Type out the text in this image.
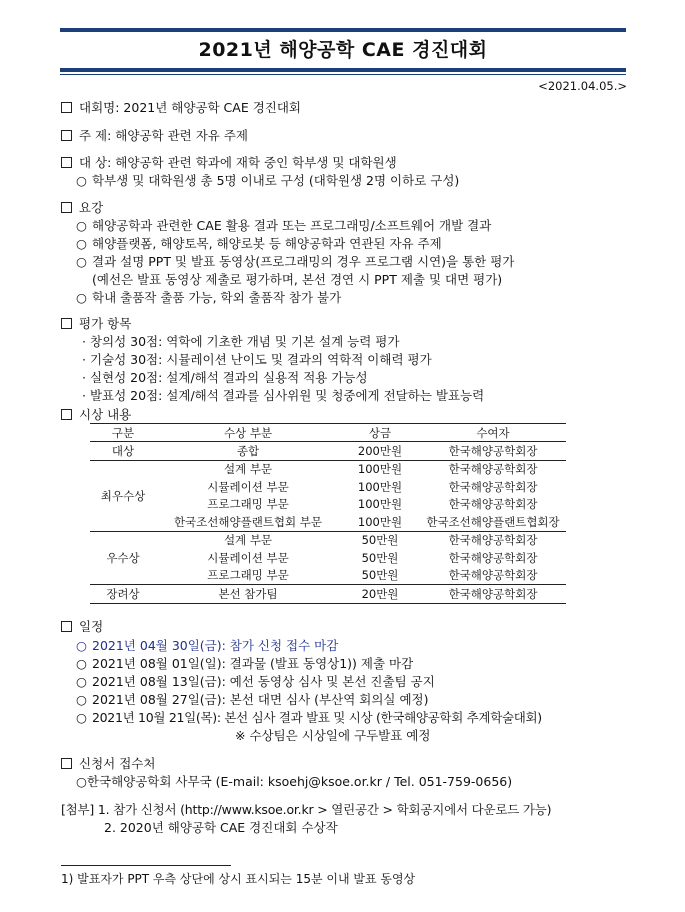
2021년 해양공학 CAE 경진대회
<2021.04.05.>
대회명: 2021년 해양공학 CAE 경진대회
주 제: 해양공학 관련 자유 주제
대 상: 해양공학 관련 학과에 재학 중인 학부생 및 대학원생
○ 학부생 및 대학원생 총 5명 이내로 구성 (대학원생 2명 이하로 구성)
요강
○ 해양공학과 관련한 CAE 활용 결과 또는 프로그래밍/소프트웨어 개발 결과
○ 해양플랫폼, 해양토목, 해양로봇 등 해양공학과 연관된 자유 주제
○ 결과 설명 PPT 및 발표 동영상(프로그래밍의 경우 프로그램 시연)을 통한 평가
(예선은 발표 동영상 제출로 평가하며, 본선 경연 시 PPT 제출 및 대면 평가)
○ 학내 출품작 출품 가능, 학외 출품작 참가 불가
평가 항목
· 창의성 30점: 역학에 기초한 개념 및 기본 설계 능력 평가
· 기술성 30점: 시뮬레이션 난이도 및 결과의 역학적 이해력 평가
· 실현성 20점: 설계/해석 결과의 실용적 적용 가능성
· 발표성 20점: 설계/해석 결과를 심사위원 및 청중에게 전달하는 발표능력
시상 내용
구분	수상 부분	상금	수여자
대상	종합	200만원	한국해양공학회장
최우수상	설계 부문	100만원	한국해양공학회장
	시뮬레이션 부문	100만원	한국해양공학회장
	프로그래밍 부문	100만원	한국해양공학회장
	한국조선해양플랜트협회 부문	100만원	한국조선해양플랜트협회장
우수상	설계 부문	50만원	한국해양공학회장
	시뮬레이션 부문	50만원	한국해양공학회장
	프로그래밍 부문	50만원	한국해양공학회장
장려상	본선 참가팀	20만원	한국해양공학회장
일정
○ 2021년 04월 30일(금): 참가 신청 접수 마감
○ 2021년 08월 01일(일): 결과물 (발표 동영상1)) 제출 마감
○ 2021년 08월 13일(금): 예선 동영상 심사 및 본선 진출팀 공지
○ 2021년 08월 27일(금): 본선 대면 심사 (부산역 회의실 예정)
○ 2021년 10월 21일(목): 본선 심사 결과 발표 및 시상 (한국해양공학회 추계학술대회)
※ 수상팀은 시상일에 구두발표 예정
신청서 접수처
○한국해양공학회 사무국 (E-mail: ksoehj@ksoe.or.kr / Tel. 051-759-0656)
[첨부] 1. 참가 신청서 (http://www.ksoe.or.kr > 열린공간 > 학회공지에서 다운로드 가능)
2. 2020년 해양공학 CAE 경진대회 수상작
1) 발표자가 PPT 우측 상단에 상시 표시되는 15분 이내 발표 동영상
